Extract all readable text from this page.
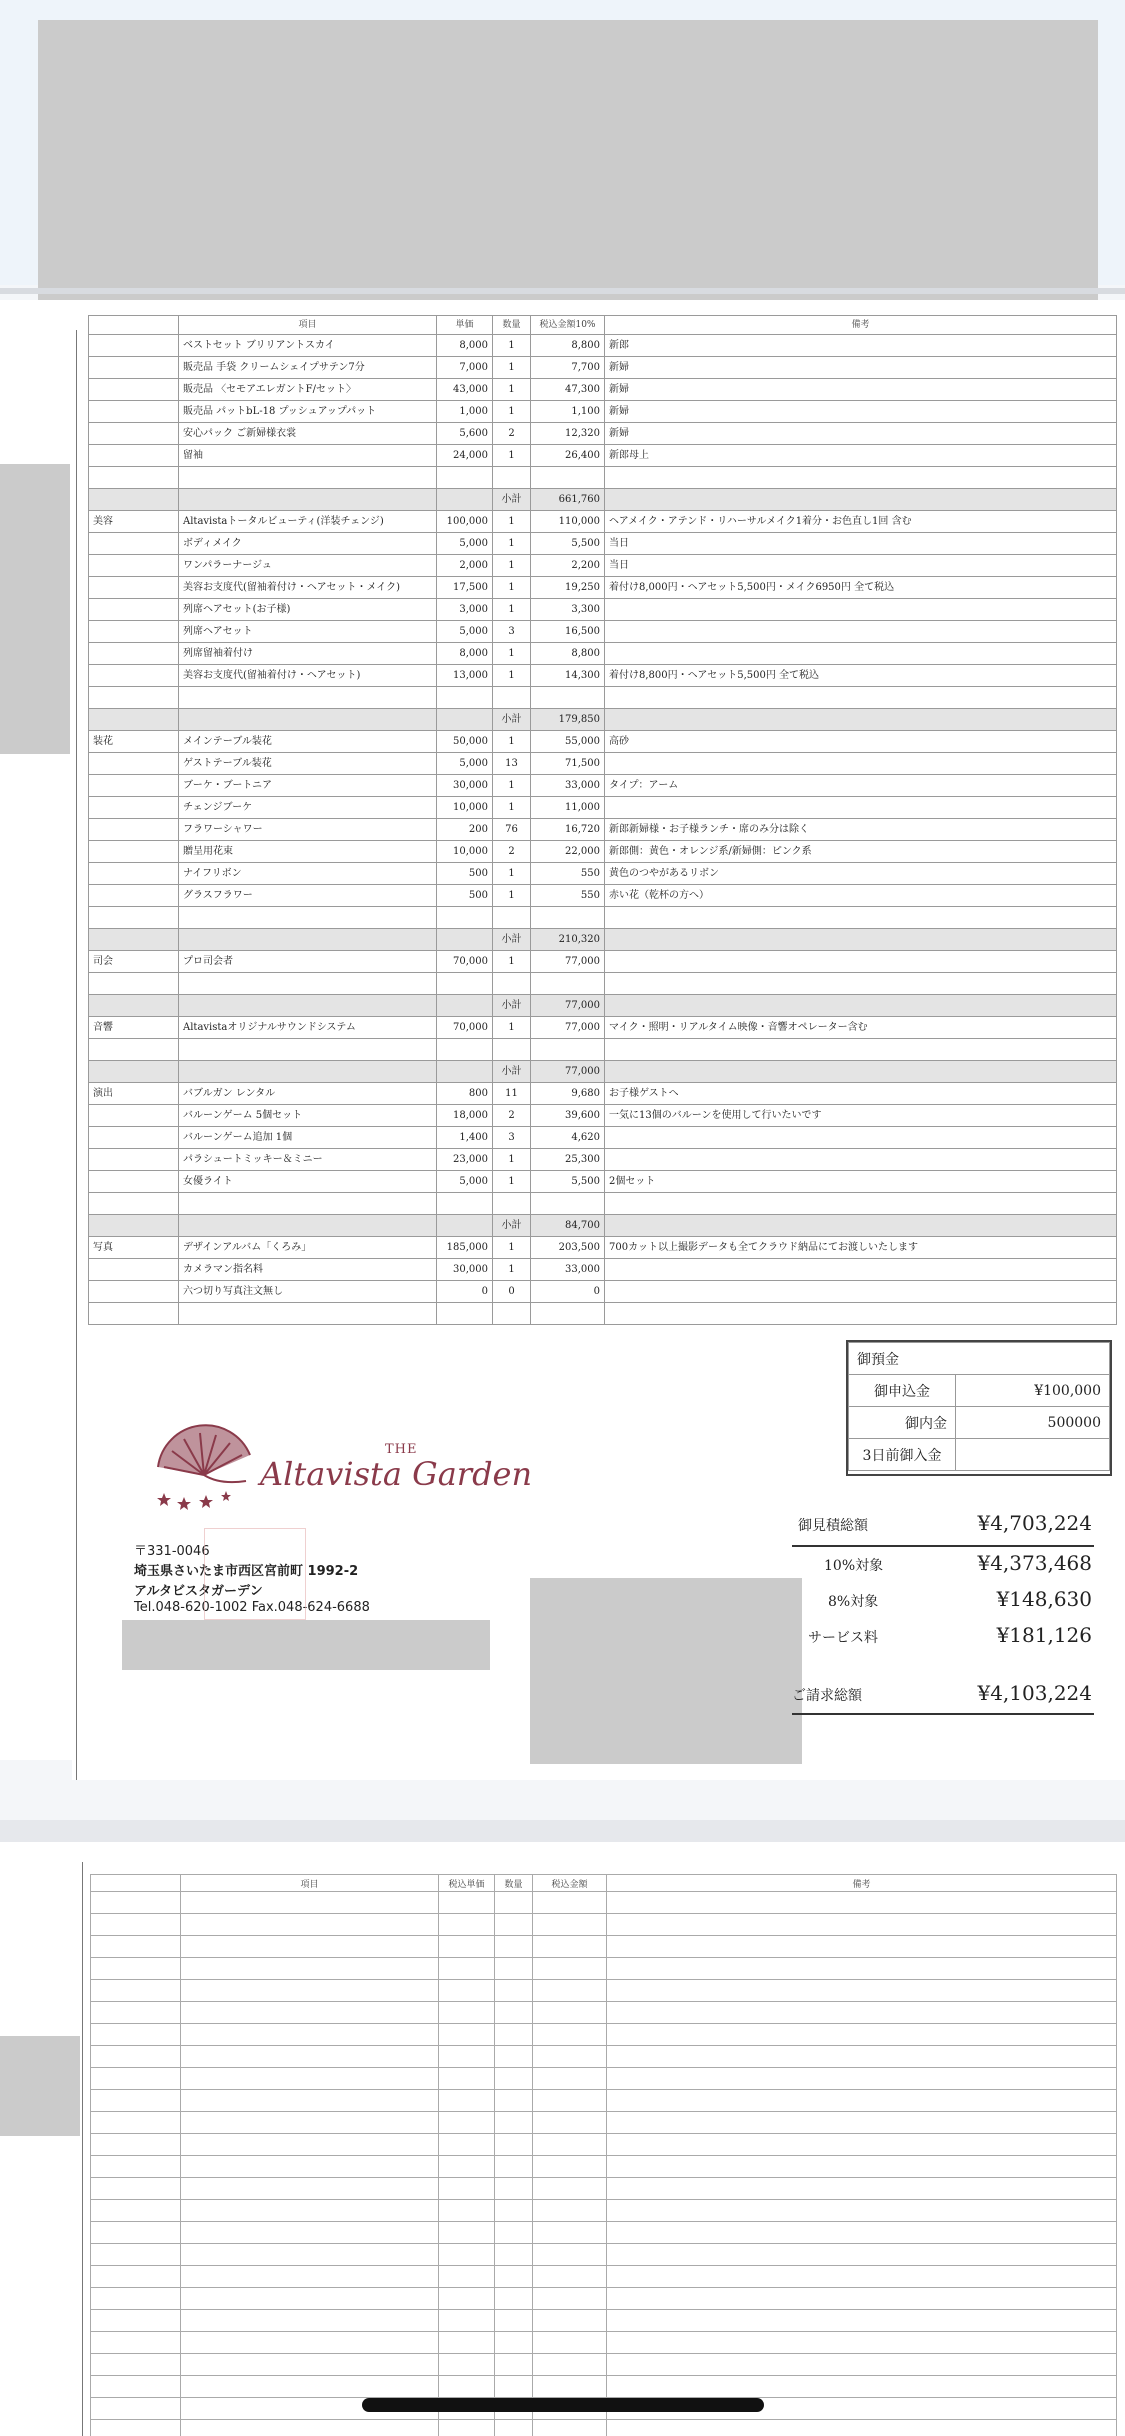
	項目	単価	数量	税込金額10%	備考
	ベストセット ブリリアントスカイ	8,000	1	8,800	新郎
	販売品 手袋 クリームシェイプサテン7分	7,000	1	7,700	新婦
	販売品 〈セモアエレガントF/セット〉	43,000	1	47,300	新婦
	販売品 パットbL-18 プッシュアップパット	1,000	1	1,100	新婦
	安心パック ご新婦様衣裳	5,600	2	12,320	新婦
	留袖	24,000	1	26,400	新郎母上

			小計	661,760	
美容	Altavistaトータルビューティ(洋装チェンジ)	100,000	1	110,000	ヘアメイク・アテンド・リハーサルメイク1着分・お色直し1回 含む
	ボディメイク	5,000	1	5,500	当日
	ワンパラーナージュ	2,000	1	2,200	当日
	美容お支度代(留袖着付け・ヘアセット・メイク)	17,500	1	19,250	着付け8,000円・ヘアセット5,500円・メイク6950円 全て税込
	列席ヘアセット(お子様)	3,000	1	3,300	
	列席ヘアセット	5,000	3	16,500	
	列席留袖着付け	8,000	1	8,800	
	美容お支度代(留袖着付け・ヘアセット)	13,000	1	14,300	着付け8,800円・ヘアセット5,500円 全て税込

			小計	179,850	
装花	メインテーブル装花	50,000	1	55,000	高砂
	ゲストテーブル装花	5,000	13	71,500	
	ブーケ・ブートニア	30,000	1	33,000	タイプ：アーム
	チェンジブーケ	10,000	1	11,000	
	フラワーシャワー	200	76	16,720	新郎新婦様・お子様ランチ・席のみ分は除く
	贈呈用花束	10,000	2	22,000	新郎側：黄色・オレンジ系/新婦側：ピンク系
	ナイフリボン	500	1	550	黄色のつやがあるリボン
	グラスフラワー	500	1	550	赤い花（乾杯の方へ）

			小計	210,320	
司会	プロ司会者	70,000	1	77,000	

			小計	77,000	
音響	Altavistaオリジナルサウンドシステム	70,000	1	77,000	マイク・照明・リアルタイム映像・音響オペレーター含む

			小計	77,000	
演出	バブルガン レンタル	800	11	9,680	お子様ゲストへ
	バルーンゲーム 5個セット	18,000	2	39,600	一気に13個のバルーンを使用して行いたいです
	バルーンゲーム追加 1個	1,400	3	4,620	
	パラシュートミッキー＆ミニー	23,000	1	25,300	
	女優ライト	5,000	1	5,500	2個セット

			小計	84,700	
写真	デザインアルバム「くろみ」	185,000	1	203,500	700カット以上撮影データも全てクラウド納品にてお渡しいたします
	カメラマン指名料	30,000	1	33,000	
	六つ切り写真注文無し	0	0	0	

御預金	
御申込金	¥100,000
御内金	500000
3日前御入金	
THE
Altavista Garden
〒331-0046
埼玉県さいたま市西区宮前町 1992-2
アルタビスタガーデン
Tel.048-620-1002 Fax.048-624-6688
御見積総額	¥4,703,224
10%対象	¥4,373,468
8%対象	¥148,630
サービス料	¥181,126
ご請求総額	¥4,103,224
	項目	税込単価	数量	税込金額	備考
